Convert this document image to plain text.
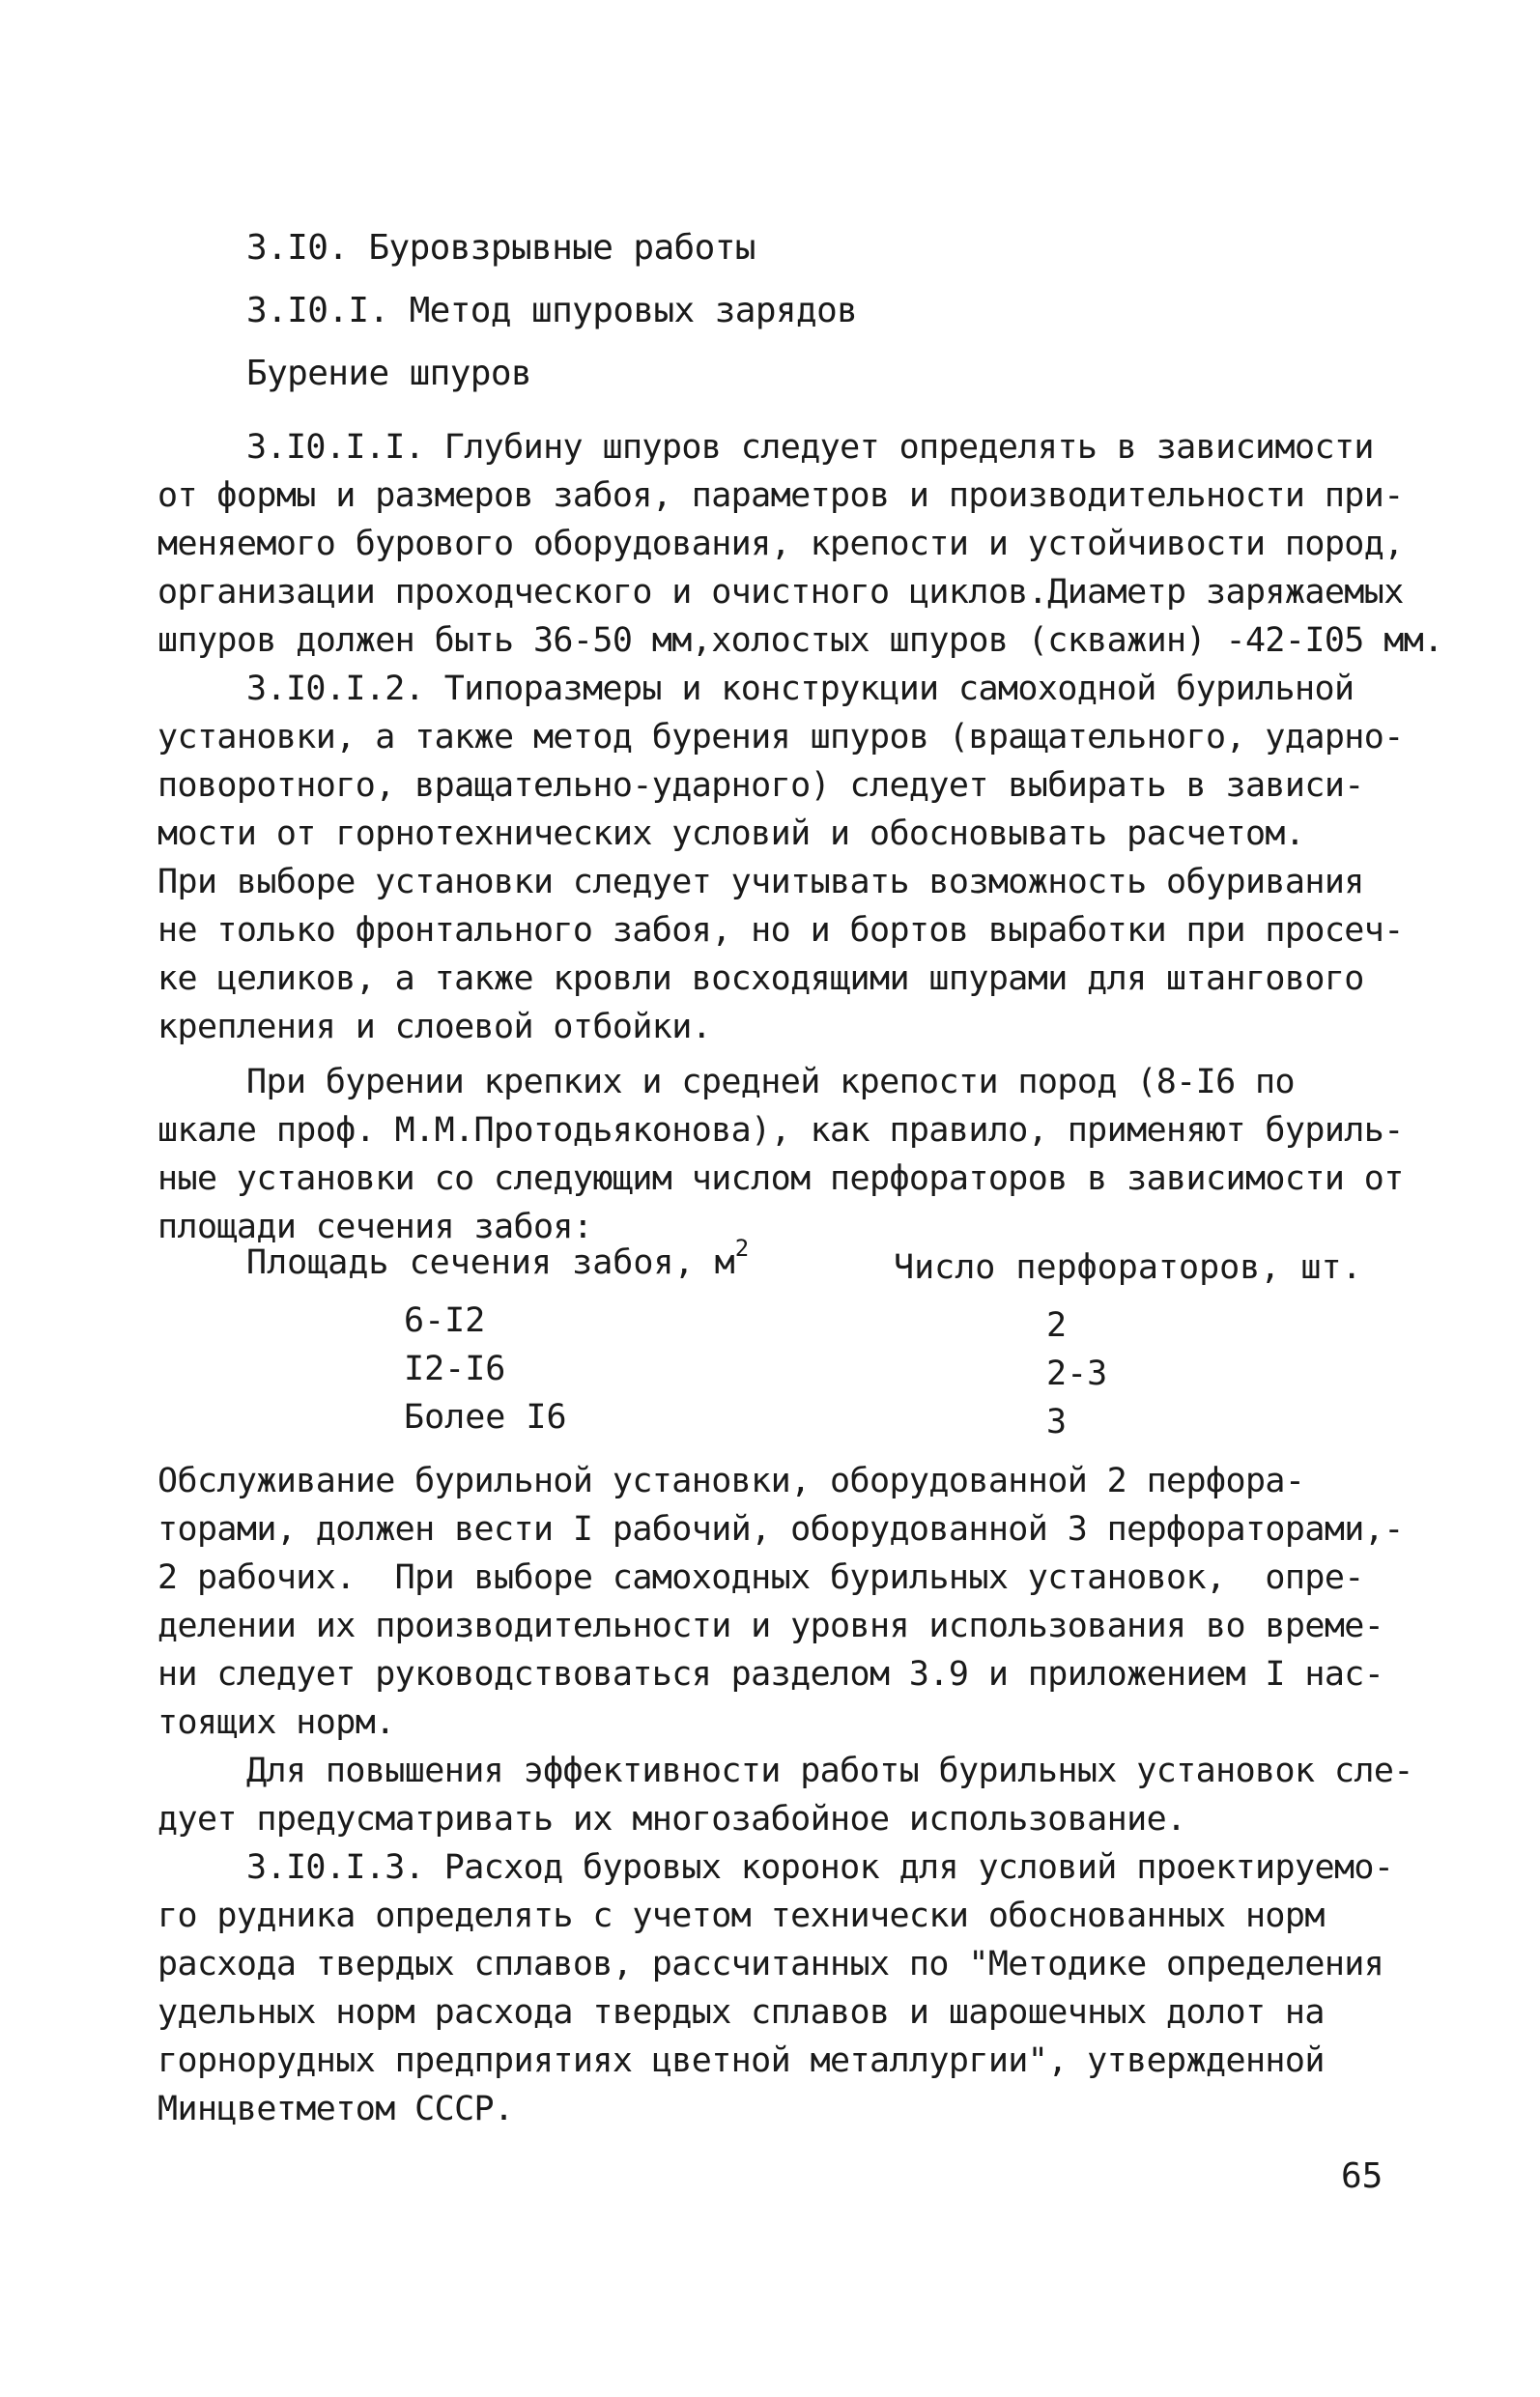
3.I0. Буровзрывные работы
3.I0.I. Метод шпуровых зарядов
Бурение шпуров
3.I0.I.I. Глубину шпуров следует определять в зависимости
от формы и размеров забоя, параметров и производительности при-
меняемого бурового оборудования, крепости и устойчивости пород,
организации проходческого и очистного циклов.Диаметр заряжаемых
шпуров должен быть 36-50 мм,холостых шпуров (скважин) -42-I05 мм.
3.I0.I.2. Типоразмеры и конструкции самоходной бурильной
установки, а также метод бурения шпуров (вращательного, ударно-
поворотного, вращательно-ударного) следует выбирать в зависи-
мости от горнотехнических условий и обосновывать расчетом.
При выборе установки следует учитывать возможность обуривания
не только фронтального забоя, но и бортов выработки при просеч-
ке целиков, а также кровли восходящими шпурами для штангового
крепления и слоевой отбойки.
При бурении крепких и средней крепости пород (8-I6 по
шкале проф. М.М.Протодьяконова), как правило, применяют буриль-
ные установки со следующим числом перфораторов в зависимости от
площади сечения забоя:
Площадь сечения забоя, $м^2$	Число перфораторов, шт.
6-I2	2
I2-I6	2-3
Более I6	3
Обслуживание бурильной установки, оборудованной 2 перфора-
торами, должен вести I рабочий, оборудованной 3 перфораторами,-
2 рабочих.  При выборе самоходных бурильных установок,  опре-
делении их производительности и уровня использования во време-
ни следует руководствоваться разделом 3.9 и приложением I нас-
тоящих норм.
Для повышения эффективности работы бурильных установок сле-
дует предусматривать их многозабойное использование.
3.I0.I.3. Расход буровых коронок для условий проектируемо-
го рудника определять с учетом технически обоснованных норм
расхода твердых сплавов, рассчитанных по "Методике определения
удельных норм расхода твердых сплавов и шарошечных долот на
горнорудных предприятиях цветной металлургии", утвержденной
Минцветметом СССР.
65
